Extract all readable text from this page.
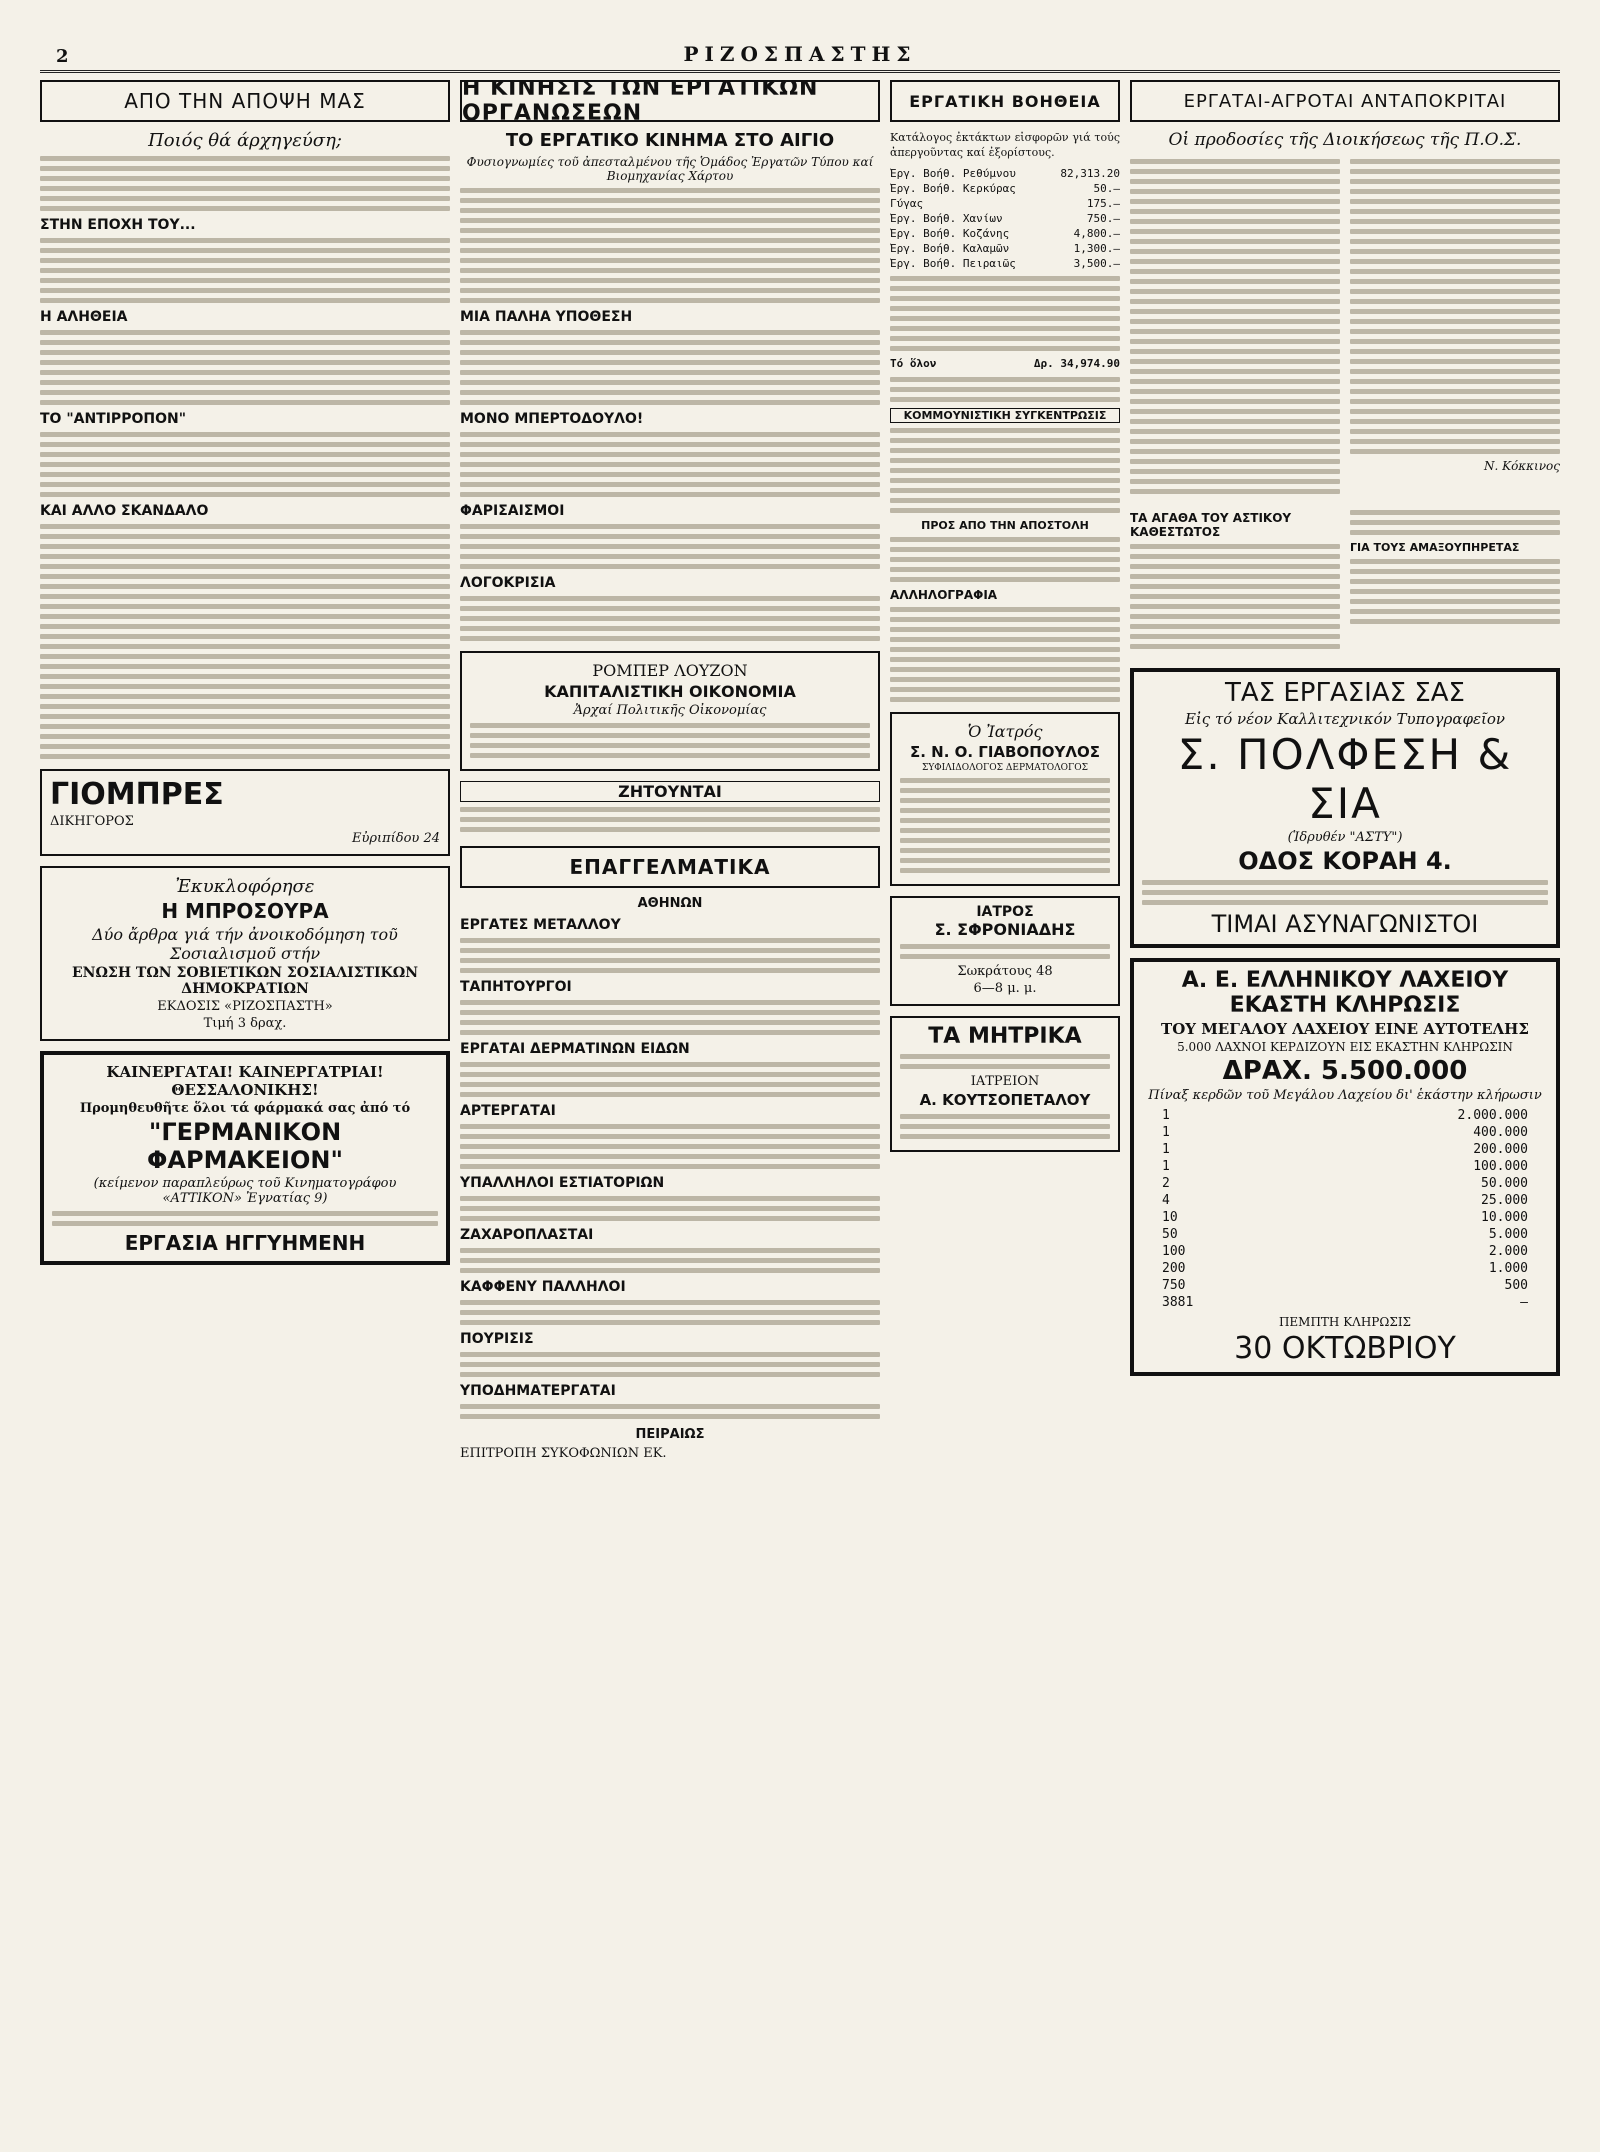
2	ΡΙΖΟΣΠΑΣΤΗΣ
ΑΠΟ ΤΗΝ ΑΠΟΨΗ ΜΑΣ
Ποιός θά άρχηγεύση;
ΣΤΗΝ ΕΠΟΧΗ ΤΟΥ...
Η ΑΛΗΘΕΙΑ
ΤΟ "ΑΝΤΙΡΡΟΠΟΝ"
ΚΑΙ ΑΛΛΟ ΣΚΑΝΔΑΛΟ
ΓΙΟΜΠΡΕΣ
ΔΙΚΗΓΟΡΟΣ
Εὐριπίδου 24
Ἐκυκλοφόρησε
Η ΜΠΡΟΣΟΥΡΑ
Δύο ἄρθρα γιά τήν ἀνοικοδόμηση τοῦ Σοσιαλισμοῦ στήν
ΕΝΩΣΗ ΤΩΝ ΣΟΒΙΕΤΙΚΩΝ ΣΟΣΙΑΛΙΣΤΙΚΩΝ ΔΗΜΟΚΡΑΤΙΩΝ
ΕΚΔΟΣΙΣ «ΡΙΖΟΣΠΑΣΤΗ»
Τιμή 3 δραχ.
ΚΑΙΝΕΡΓΑΤΑΙ! ΚΑΙΝΕΡΓΑΤΡΙΑΙ! ΘΕΣΣΑΛΟΝΙΚΗΣ!
Προμηθευθῆτε ὅλοι τά φάρμακά σας ἀπό τό
"ΓΕΡΜΑΝΙΚΟΝ ΦΑΡΜΑΚΕΙΟΝ"
(κείμενον παραπλεύρως τοῦ Κινηματογράφου «ΑΤΤΙΚΟΝ» Ἐγνατίας 9)
ΕΡΓΑΣΙΑ ΗΓΓΥΗΜΕΝΗ
Η ΚΙΝΗΣΙΣ ΤΩΝ ΕΡΓΑΤΙΚΩΝ ΟΡΓΑΝΩΣΕΩΝ
ΤΟ ΕΡΓΑΤΙΚΟ ΚΙΝΗΜΑ ΣΤΟ ΑΙΓΙΟ
Φυσιογνωμίες τοῦ ἀπεσταλμένου τῆς Ὁμάδος Ἐργατῶν Τύπου καί Βιομηχανίας Χάρτου
ΜΙΑ ΠΑΛΗΑ ΥΠΟΘΕΣΗ
ΜΟΝΟ ΜΠΕΡΤΟΔΟΥΛΟ!
ΦΑΡΙΣΑΙΣΜΟΙ
ΛΟΓΟΚΡΙΣΙΑ
ΡΟΜΠΕΡ ΛΟΥΖΟΝ
ΚΑΠΙΤΑΛΙΣΤΙΚΗ ΟΙΚΟΝΟΜΙΑ
Ἀρχαί Πολιτικῆς Οἰκονομίας
ΖΗΤΟΥΝΤΑΙ
ΕΠΑΓΓΕΛΜΑΤΙΚΑ
ΑΘΗΝΩΝ
ΕΡΓΑΤΕΣ ΜΕΤΑΛΛΟΥ
ΤΑΠΗΤΟΥΡΓΟΙ
ΕΡΓΑΤΑΙ ΔΕΡΜΑΤΙΝΩΝ ΕΙΔΩΝ
ΑΡΤΕΡΓΑΤΑΙ
ΥΠΑΛΛΗΛΟΙ ΕΣΤΙΑΤΟΡΙΩΝ
ΖΑΧΑΡΟΠΛΑΣΤΑΙ
ΚΑΦΦΕΝΥ ΠΑΛΛΗΛΟΙ
ΠΟΥΡΙΣΙΣ
ΥΠΟΔΗΜΑΤΕΡΓΑΤΑΙ
ΠΕΙΡΑΙΩΣ
ΕΠΙΤΡΟΠΗ ΣΥΚΟΦΩΝΙΩΝ ΕΚ.
ΕΡΓΑΤΙΚΗ ΒΟΗΘΕΙΑ
Κατάλογος ἐκτάκτων εἰσφορῶν γιά τούς ἀπεργοῦντας καί ἐξορίστους.
Ἐργ. Βοήθ. Ρεθύμνου	82,313.20
Ἐργ. Βοήθ. Κερκύρας	50.—
Γύγας	175.—
Ἐργ. Βοήθ. Χανίων	750.—
Ἐργ. Βοήθ. Κοζάνης	4,800.—
Ἐργ. Βοήθ. Καλαμῶν	1,300.—
Ἐργ. Βοήθ. Πειραιῶς	3,500.—
Τό ὅλον	Δρ. 34,974.90
ΚΟΜΜΟΥΝΙΣΤΙΚΗ ΣΥΓΚΕΝΤΡΩΣΙΣ
ΠΡΟΣ ΑΠΟ ΤΗΝ ΑΠΟΣΤΟΛΗ
ΑΛΛΗΛΟΓΡΑΦΙΑ
Ὁ Ἰατρός
Σ. Ν. Ο. ΓΙΑΒΟΠΟΥΛΟΣ
ΣΥΦΙΛΙΔΟΛΟΓΟΣ ΔΕΡΜΑΤΟΛΟΓΟΣ
ΙΑΤΡΟΣ
Σ. ΣΦΡΟΝΙΑΔΗΣ
Σωκράτους 48
6—8 μ. μ.
ΤΑ ΜΗΤΡΙΚΑ
ΙΑΤΡΕΙΟΝ
Α. ΚΟΥΤΣΟΠΕΤΑΛΟΥ
ΕΡΓΑΤΑΙ-ΑΓΡΟΤΑΙ ΑΝΤΑΠΟΚΡΙΤΑΙ
Οἱ προδοσίες τῆς Διοικήσεως τῆς Π.Ο.Σ.
Ν. Κόκκινος
ΤΑ ΑΓΑΘΑ ΤΟΥ ΑΣΤΙΚΟΥ ΚΑΘΕΣΤΩΤΟΣ
ΓΙΑ ΤΟΥΣ ΑΜΑΞΟΥΠΗΡΕΤΑΣ
ΤΑΣ ΕΡΓΑΣΙΑΣ ΣΑΣ
Εἰς τό νέον Καλλιτεχνικόν Τυπογραφεῖον
Σ. ΠΟΛΦΕΣΗ & ΣΙΑ
(Ἱδρυθέν "ΑΣΤΥ")
ΟΔΟΣ ΚΟΡΑΗ 4.
ΤΙΜΑΙ ΑΣΥΝΑΓΩΝΙΣΤΟΙ
Α. Ε. ΕΛΛΗΝΙΚΟΥ ΛΑΧΕΙΟΥ
ΕΚΑΣΤΗ ΚΛΗΡΩΣΙΣ
ΤΟΥ ΜΕΓΑΛΟΥ ΛΑΧΕΙΟΥ ΕΙΝΕ ΑΥΤΟΤΕΛΗΣ
5.000 ΛΑΧΝΟΙ ΚΕΡΔΙΖΟΥΝ ΕΙΣ ΕΚΑΣΤΗΝ ΚΛΗΡΩΣΙΝ
ΔΡΑΧ. 5.500.000
Πίναξ κερδῶν τοῦ Μεγάλου Λαχείου δι' ἑκάστην κλήρωσιν
1	2.000.000
1	400.000
1	200.000
1	100.000
2	50.000
4	25.000
10	10.000
50	5.000
100	2.000
200	1.000
750	500
3881	—
ΠΕΜΠΤΗ ΚΛΗΡΩΣΙΣ
30 ΟΚΤΩΒΡΙΟΥ
